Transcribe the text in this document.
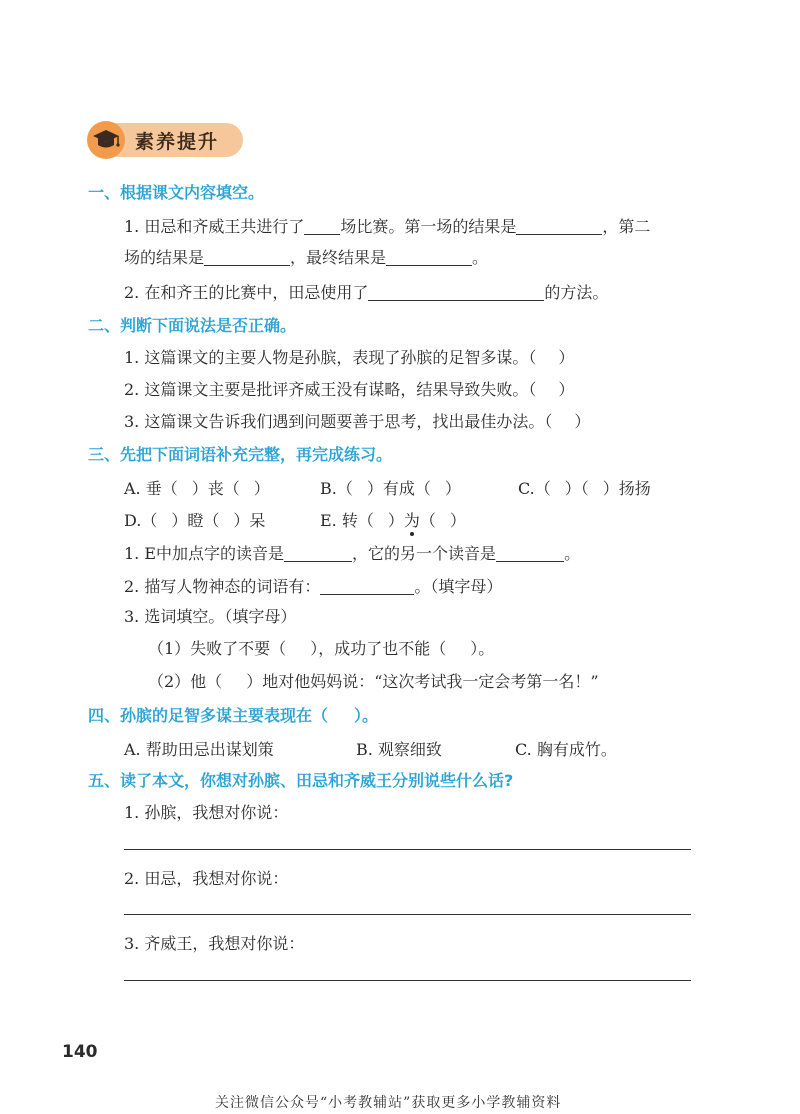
素养提升
一、根据课文内容填空。
1. 田忌和齐威王共进行了 场比赛。第一场的结果是	，第二
场的结果是	，最终结果是	。
2. 在和齐王的比赛中，田忌使用了	的方法。
二、判断下面说法是否正确。
1. 这篇课文的主要人物是孙膑，表现了孙膑的足智多谋。（ ）
2. 这篇课文主要是批评齐威王没有谋略，结果导致失败。（ ）
3. 这篇课文告诉我们遇到问题要善于思考，找出最佳办法。（ ）
三、先把下面词语补充完整，再完成练习。
A. 垂（ ）丧（ ）	B.（ ）有成（ ）	C.（ ）（ ）扬扬
D.（ ）瞪（ ）呆	E. 转（ ）为（ ）
1. E中加点字的读音是	，它的另一个读音是	。
2. 描写人物神态的词语有：	。（填字母）
3. 选词填空。（填字母）
（1）失败了不要（ ），成功了也不能（ ）。
（2）他（ ）地对他妈妈说：“这次考试我一定会考第一名！”
四、孙膑的足智多谋主要表现在（ ）。
A. 帮助田忌出谋划策	B. 观察细致	C. 胸有成竹。
五、读了本文，你想对孙膑、田忌和齐威王分别说些什么话?
1. 孙膑，我想对你说：
2. 田忌，我想对你说：
3. 齐威王，我想对你说：
140
关注微信公众号“小考教辅站”获取更多小学教辅资料
